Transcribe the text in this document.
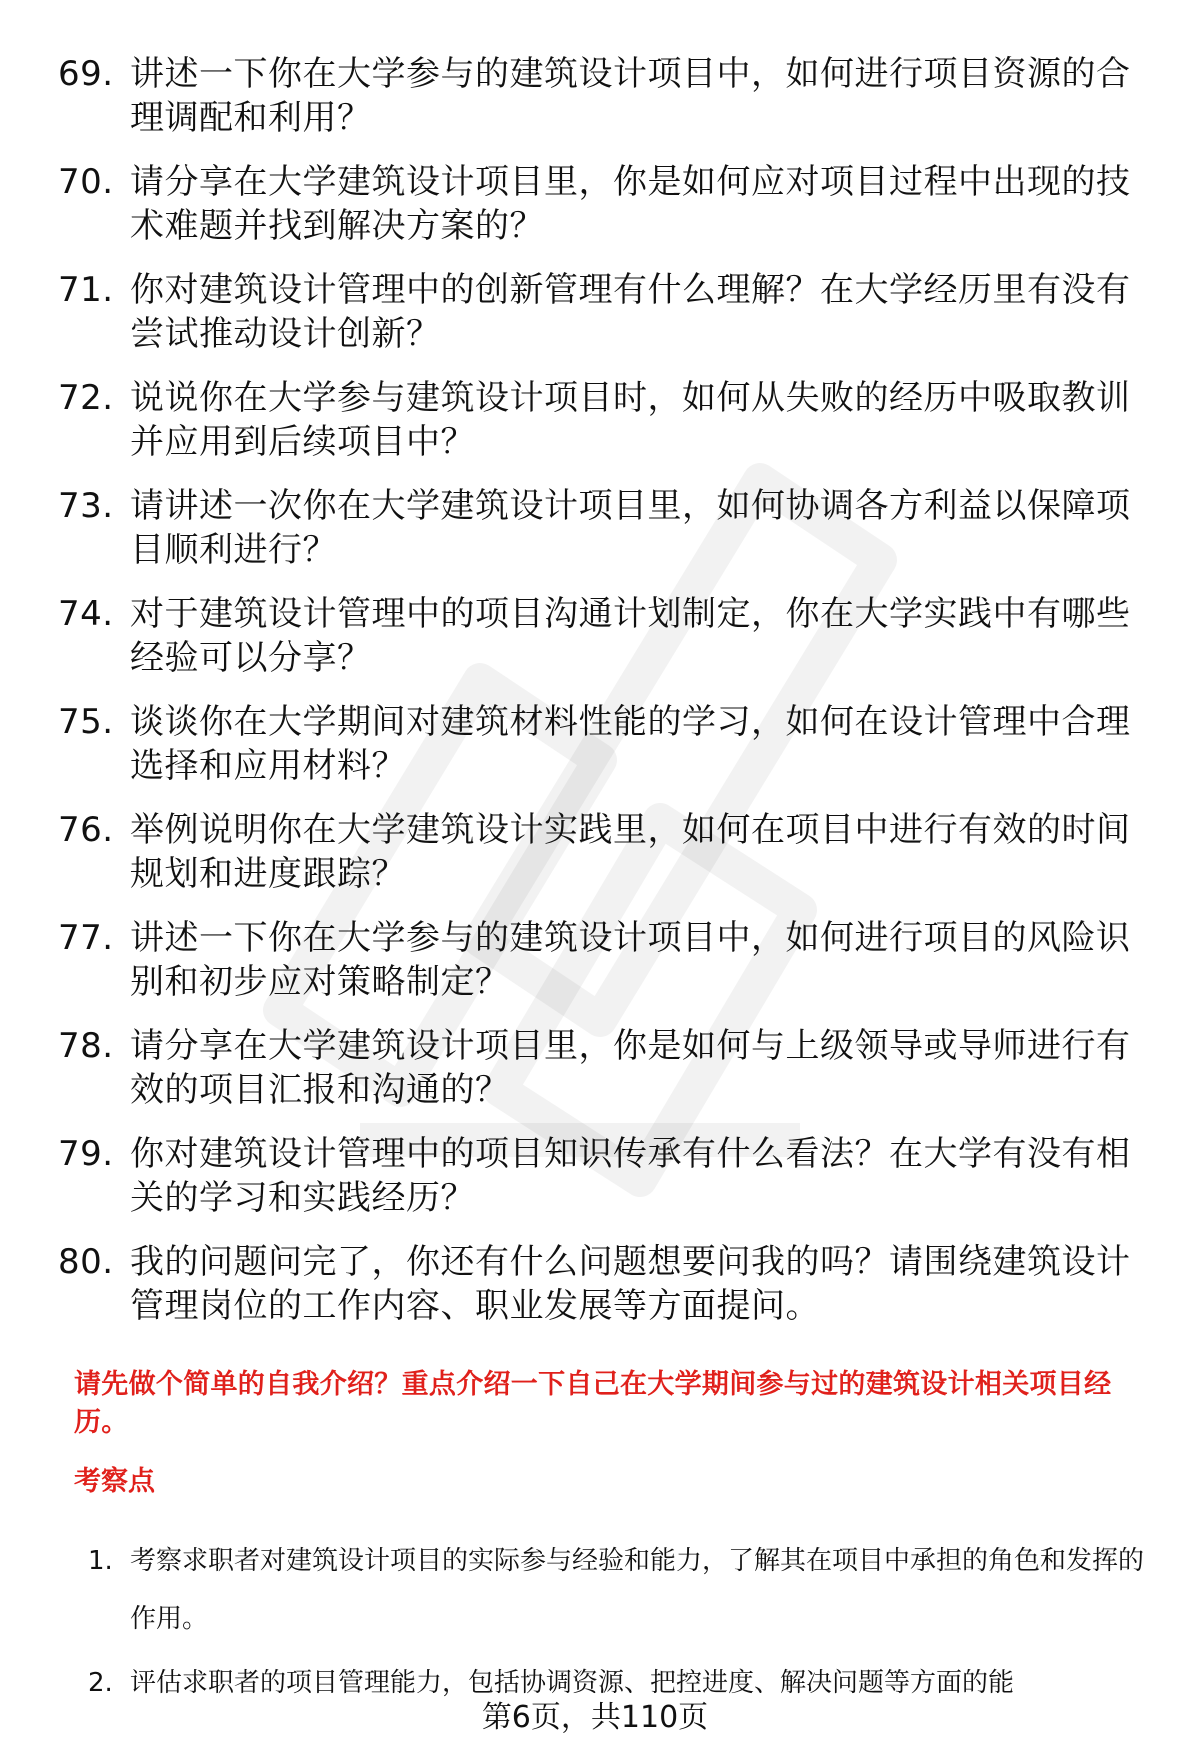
69. 讲述一下你在大学参与的建筑设计项目中，如何进行项目资源的合理调配和利用？
70. 请分享在大学建筑设计项目里，你是如何应对项目过程中出现的技术难题并找到解决方案的？
71. 你对建筑设计管理中的创新管理有什么理解？在大学经历里有没有尝试推动设计创新？
72. 说说你在大学参与建筑设计项目时，如何从失败的经历中吸取教训并应用到后续项目中？
73. 请讲述一次你在大学建筑设计项目里，如何协调各方利益以保障项目顺利进行？
74. 对于建筑设计管理中的项目沟通计划制定，你在大学实践中有哪些经验可以分享？
75. 谈谈你在大学期间对建筑材料性能的学习，如何在设计管理中合理选择和应用材料？
76. 举例说明你在大学建筑设计实践里，如何在项目中进行有效的时间规划和进度跟踪？
77. 讲述一下你在大学参与的建筑设计项目中，如何进行项目的风险识别和初步应对策略制定？
78. 请分享在大学建筑设计项目里，你是如何与上级领导或导师进行有效的项目汇报和沟通的？
79. 你对建筑设计管理中的项目知识传承有什么看法？在大学有没有相关的学习和实践经历？
80. 我的问题问完了，你还有什么问题想要问我的吗？请围绕建筑设计管理岗位的工作内容、职业发展等方面提问。

请先做个简单的自我介绍？重点介绍一下自己在大学期间参与过的建筑设计相关项目经历。

考察点

1. 考察求职者对建筑设计项目的实际参与经验和能力，了解其在项目中承担的角色和发挥的作用。
2. 评估求职者的项目管理能力，包括协调资源、把控进度、解决问题等方面的能
第6页，共110页
